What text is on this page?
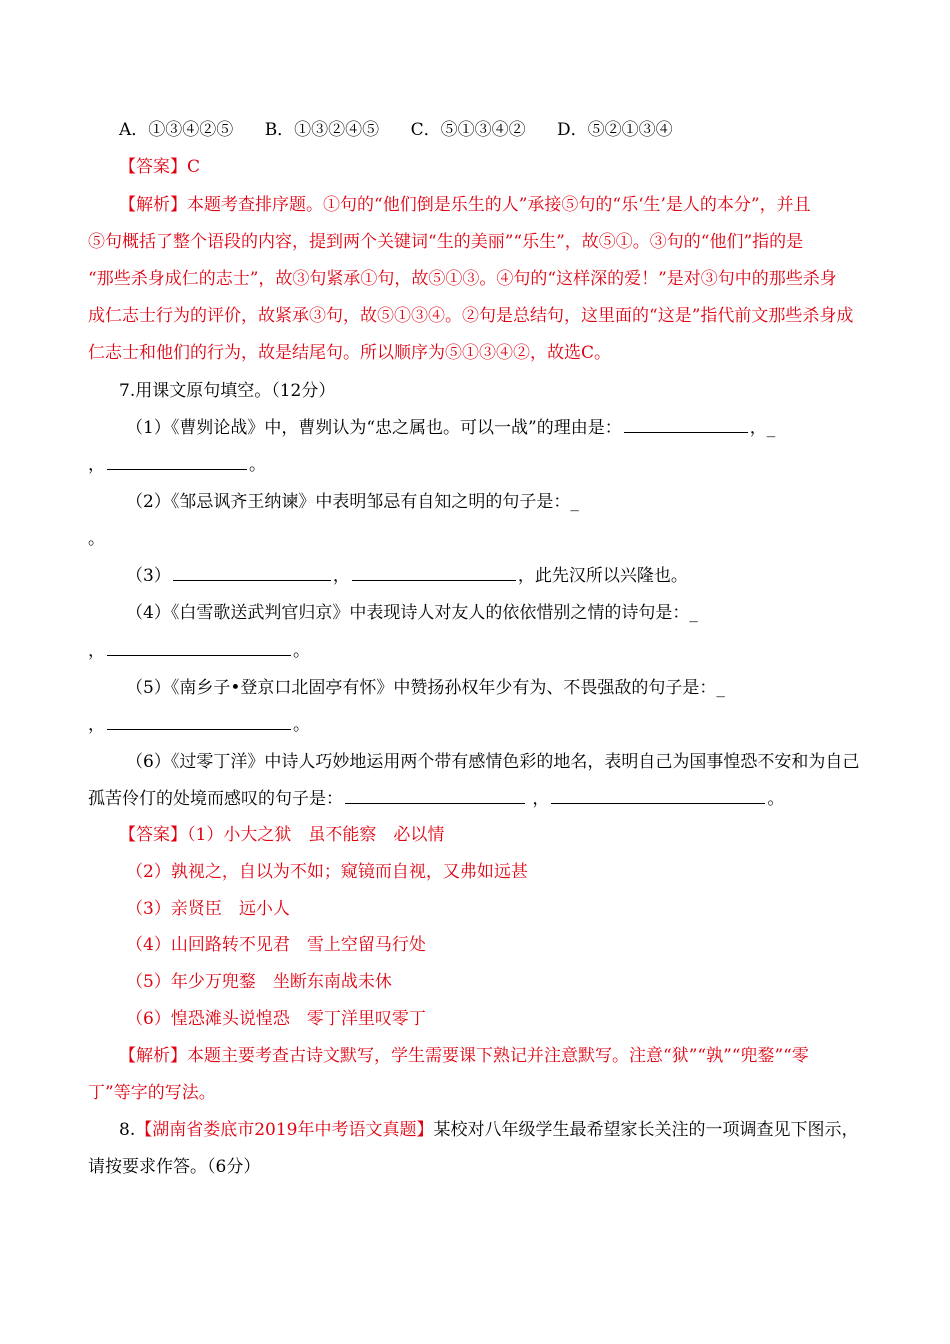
A．①③④②⑤ B．①③②④⑤ C．⑤①③④② D．⑤②①③④
【答案】C
【解析】本题考查排序题。①句的“他们倒是乐生的人”承接⑤句的“乐‘生’是人的本分”，并且
⑤句概括了整个语段的内容，提到两个关键词“生的美丽”“乐生”，故⑤①。③句的“他们”指的是
“那些杀身成仁的志士”，故③句紧承①句，故⑤①③。④句的“这样深的爱！”是对③句中的那些杀身
成仁志士行为的评价，故紧承③句，故⑤①③④。②句是总结句，这里面的“这是”指代前文那些杀身成
仁志士和他们的行为，故是结尾句。所以顺序为⑤①③④②，故选C。
7.用课文原句填空。（12分）
（1）《曹刿论战》中，曹刿认为“忠之属也。可以一战”的理由是：	，_
，	。
（2）《邹忌讽齐王纳谏》中表明邹忌有自知之明的句子是：_
。
（3）	，	，此先汉所以兴隆也。
（4）《白雪歌送武判官归京》中表现诗人对友人的依依惜别之情的诗句是：_
，	。
（5）《南乡子•登京口北固亭有怀》中赞扬孙权年少有为、不畏强敌的句子是：_
，	。
（6）《过零丁洋》中诗人巧妙地运用两个带有感情色彩的地名，表明自己为国事惶恐不安和为自己
孤苦伶仃的处境而感叹的句子是：	，	。
【答案】（1）小大之狱　虽不能察　必以情
（2）孰视之，自以为不如；窥镜而自视，又弗如远甚
（3）亲贤臣　远小人
（4）山回路转不见君　雪上空留马行处
（5）年少万兜鍪　坐断东南战未休
（6）惶恐滩头说惶恐　零丁洋里叹零丁
【解析】本题主要考查古诗文默写，学生需要课下熟记并注意默写。注意“狱”“孰”“兜鍪”“零
丁”等字的写法。
8.【湖南省娄底市2019年中考语文真题】某校对八年级学生最希望家长关注的一项调查见下图示，
请按要求作答。（6分）
